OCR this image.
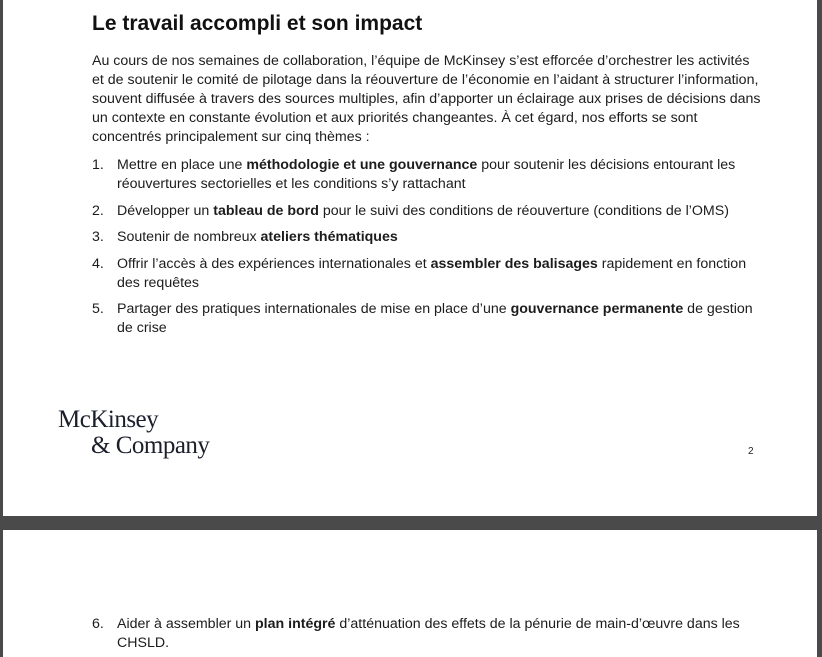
Le travail accompli et son impact

Au cours de nos semaines de collaboration, l’équipe de McKinsey s’est efforcée d’orchestrer les activités et de soutenir le comité de pilotage dans la réouverture de l’économie en l’aidant à structurer l’information, souvent diffusée à travers des sources multiples, afin d’apporter un éclairage aux prises de décisions dans un contexte en constante évolution et aux priorités changeantes. À cet égard, nos efforts se sont concentrés principalement sur cinq thèmes :

1. Mettre en place une méthodologie et une gouvernance pour soutenir les décisions entourant les réouvertures sectorielles et les conditions s’y rattachant
2. Développer un tableau de bord pour le suivi des conditions de réouverture (conditions de l’OMS)
3. Soutenir de nombreux ateliers thématiques
4. Offrir l’accès à des expériences internationales et assembler des balisages rapidement en fonction des requêtes
5. Partager des pratiques internationales de mise en place d’une gouvernance permanente de gestion de crise
McKinsey
& Company	2
6. Aider à assembler un plan intégré d’atténuation des effets de la pénurie de main-d’œuvre dans les CHSLD.
